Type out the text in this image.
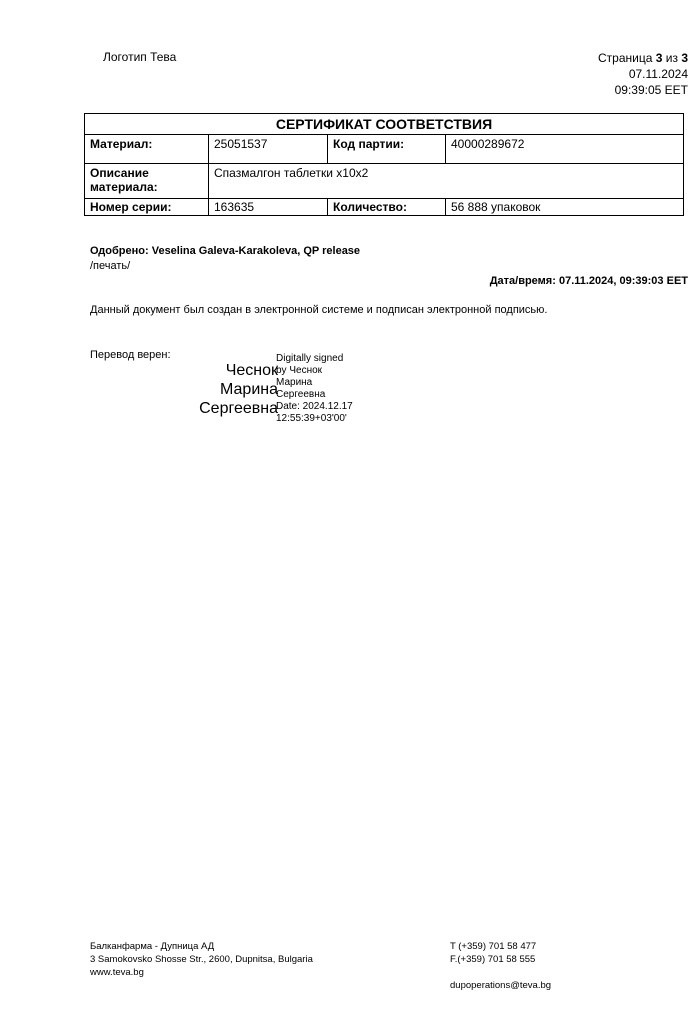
Логотип Тева	Страница 3 из 3
07.11.2024
09:39:05 EET
СЕРТИФИКАТ СООТВЕТСТВИЯ
Материал:	25051537	Код партии:	40000289672
Описание материала:
Спазмалгон таблетки х10х2
Номер серии:	163635	Количество:	56 888 упаковок
Одобрено: Veselina Galeva-Karakoleva, QP release
/печать/
Дата/время: 07.11.2024, 09:39:03 EET
Данный документ был создан в электронной системе и подписан электронной подписью.
Перевод верен:
Чеснок
Марина
Сергеевна
Digitally signed
by Чеснок
Марина
Сергеевна
Date: 2024.12.17
12:55:39+03'00'
Балканфарма - Дупница АД
3 Samokovsko Shosse Str., 2600, Dupnitsa, Bulgaria
www.teva.bg
T (+359) 701 58 477
F.(+359) 701 58 555
dupoperations@teva.bg
